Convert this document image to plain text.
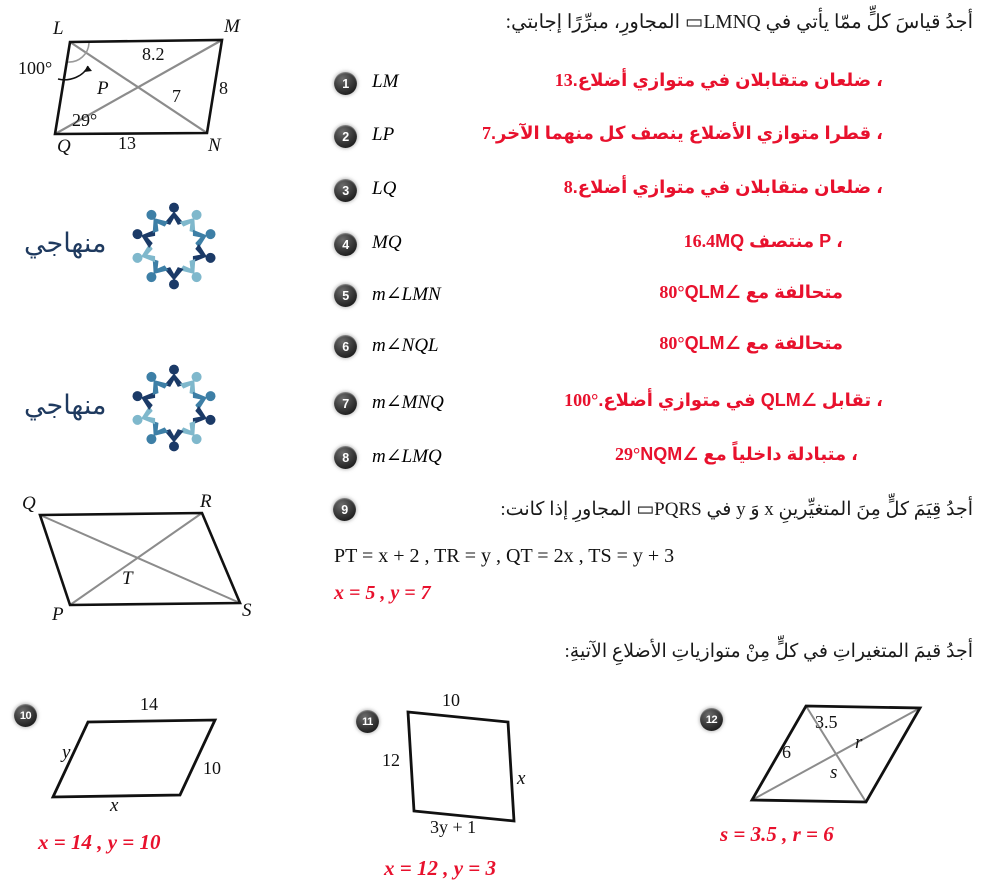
L	M
Q	N
P
100°
29°
8.2
8
13
7
منهاجي
منهاجي
أجدُ قياسَ كلٍّ ممّا يأتي في LMNQ▭ المجاورِ، مبرِّرًا إجابتي:
1	LM	، ضلعان متقابلان في متوازي أضلاع.13
2	LP	، قطرا متوازي الأضلاع ينصف كل منهما الآخر.7
3	LQ	، ضلعان متقابلان في متوازي أضلاع.8
4	MQ	، P منتصف MQ16.4
5	m∠LMN	متحالفة مع ∠QLM80°
6	m∠NQL	متحالفة مع ∠QLM80°
7	m∠MNQ	، تقابل ∠QLM في متوازي أضلاع.100°
8	m∠LMQ	، متبادلة داخلياً مع ∠NQM29°
Q	R
P	S
T
9	أجدُ قِيَمَ كلٍّ مِنَ المتغيِّرينِ x وَ y في PQRS▭ المجاورِ إذا كانت:
PT = x + 2 , TR = y , QT = 2x , TS = y + 3
x = 5 , y = 7
أجدُ قيمَ المتغيراتِ في كلٍّ مِنْ متوازياتِ الأضلاعِ الآتيةِ:
10
14
y
10
x
x = 14 , y = 10
11
10
12
x
3y + 1
x = 12 , y = 3
12	3.5
6	r
s
s = 3.5 , r = 6
